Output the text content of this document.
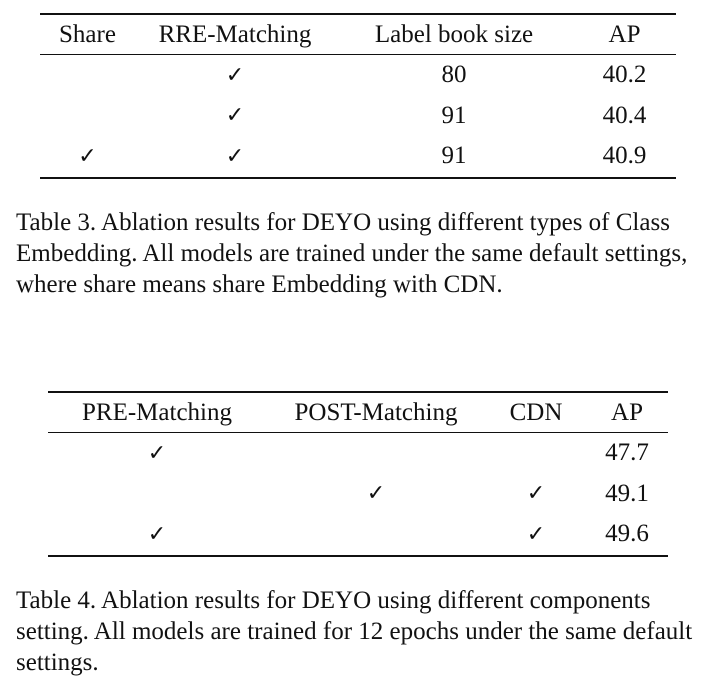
Share	RRE-Matching	Label book size	AP
	✓	80	40.2
	✓	91	40.4
✓	✓	91	40.9

Table 3. Ablation results for DEYO using different types of Class Embedding. All models are trained under the same default settings, where share means share Embedding with CDN.

PRE-Matching	POST-Matching	CDN	AP
✓			47.7
	✓	✓	49.1
✓		✓	49.6

Table 4. Ablation results for DEYO using different components setting. All models are trained for 12 epochs under the same default settings.
